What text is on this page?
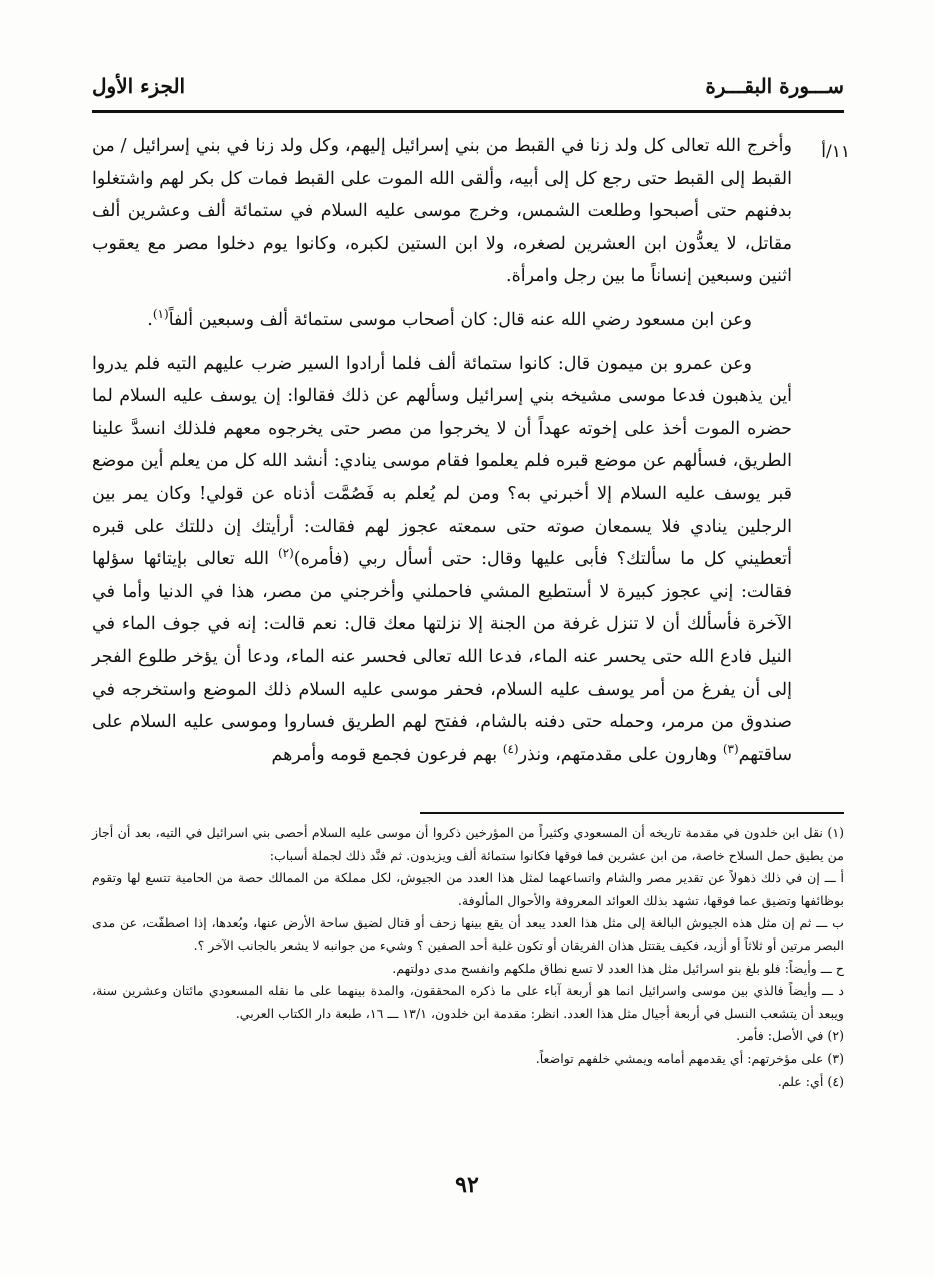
ســـورة البقـــرة
الجزء الأول
١١/أ

وأخرج الله تعالى كل ولد زنا في القبط من بني إسرائيل إليهم، وكل ولد زنا في بني إسرائيل / من القبط إلى القبط حتى رجع كل إلى أبيه، وألقى الله الموت على القبط فمات كل بكر لهم واشتغلوا بدفنهم حتى أصبحوا وطلعت الشمس، وخرج موسى عليه السلام في ستمائة ألف وعشرين ألف مقاتل، لا يعدُّون ابن العشرين لصغره، ولا ابن الستين لكبره، وكانوا يوم دخلوا مصر مع يعقوب اثنين وسبعين إنساناً ما بين رجل وامرأة.

وعن ابن مسعود رضي الله عنه قال: كان أصحاب موسى ستمائة ألف وسبعين ألفاً$^{(١)}$.

وعن عمرو بن ميمون قال: كانوا ستمائة ألف فلما أرادوا السير ضرب عليهم التيه فلم يدروا أين يذهبون فدعا موسى مشيخه بني إسرائيل وسألهم عن ذلك فقالوا: إن يوسف عليه السلام لما حضره الموت أخذ على إخوته عهداً أن لا يخرجوا من مصر حتى يخرجوه معهم فلذلك انسدَّ علينا الطريق، فسألهم عن موضع قبره فلم يعلموا فقام موسى ينادي: أنشد الله كل من يعلم أين موضع قبر يوسف عليه السلام إلا أخبرني به؟ ومن لم يُعلم به فَصُمَّت أذناه عن قولي! وكان يمر بين الرجلين ينادي فلا يسمعان صوته حتى سمعته عجوز لهم فقالت: أرأيتك إن دللتك على قبره أتعطيني كل ما سألتك؟ فأبى عليها وقال: حتى أسأل ربي (فأمره)$^{(٢)}$ الله تعالى بإيتائها سؤلها فقالت: إني عجوز كبيرة لا أستطيع المشي فاحملني وأخرجني من مصر، هذا في الدنيا وأما في الآخرة فأسألك أن لا تنزل غرفة من الجنة إلا نزلتها معك قال: نعم قالت: إنه في جوف الماء في النيل فادع الله حتى يحسر عنه الماء، فدعا الله تعالى فحسر عنه الماء، ودعا أن يؤخر طلوع الفجر إلى أن يفرغ من أمر يوسف عليه السلام، فحفر موسى عليه السلام ذلك الموضع واستخرجه في صندوق من مرمر، وحمله حتى دفنه بالشام، ففتح لهم الطريق فساروا وموسى عليه السلام على ساقتهم$^{(٣)}$ وهارون على مقدمتهم، ونذر$^{(٤)}$ بهم فرعون فجمع قومه وأمرهم

(١) نقل ابن خلدون في مقدمة تاريخه أن المسعودي وكثيراً من المؤرخين ذكروا أن موسى عليه السلام أحصى بني اسرائيل في التيه، بعد أن أجاز من يطيق حمل السلاح خاصة، من ابن عشرين فما فوقها فكانوا ستمائة ألف ويزيدون. ثم فنَّد ذلك لجملة أسباب:

أ ـــ إن في ذلك ذهولاً عن تقدير مصر والشام واتساعهما لمثل هذا العدد من الجيوش، لكل مملكة من الممالك حصة من الحامية تتسع لها وتقوم بوظائفها وتضيق عما فوقها، تشهد بذلك العوائد المعروفة والأحوال المألوفة.

ب ـــ ثم إن مثل هذه الجيوش البالغة إلى مثل هذا العدد يبعد أن يقع بينها زحف أو قتال لضيق ساحة الأرض عنها، وبُعدها، إذا اصطفّت، عن مدى البصر مرتين أو ثلاثاً أو أزيد، فكيف يقتتل هذان الفريقان أو تكون غلبة أحد الصفين ؟ وشيء من جوانبه لا يشعر بالجانب الآخر ؟.

ح ـــ وأيضاً: فلو بلغ بنو اسرائيل مثل هذا العدد لا تسع نطاق ملكهم وانفسح مدى دولتهم.

د ـــ وأيضاً فالذي بين موسى واسرائيل انما هو أربعة آباء على ما ذكره المحققون، والمدة بينهما على ما نقله المسعودي مائتان وعشرين سنة، ويبعد أن يتشعب النسل في أربعة أجيال مثل هذا العدد. انظر: مقدمة ابن خلدون، ١٣/١ ـــ ١٦، طبعة دار الكتاب العربي.

(٢) في الأصل: فأمر.

(٣) على مؤخرتهم: أي يقدمهم أمامه ويمشي خلفهم تواضعاً.

(٤) أي: علم.

٩٢
